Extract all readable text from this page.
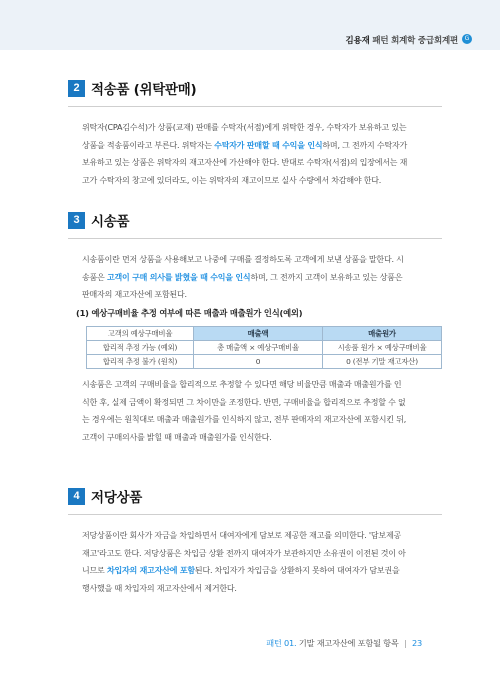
김용재 패턴 회계학 중급회계편	G
2 적송품 (위탁판매)
위탁자(CPA김수석)가 상품(교재) 판매를 수탁자(서점)에게 위탁한 경우, 수탁자가 보유하고 있는
상품을 적송품이라고 부른다. 위탁자는 수탁자가 판매할 때 수익을 인식하며, 그 전까지 수탁자가
보유하고 있는 상품은 위탁자의 재고자산에 가산해야 한다. 반대로 수탁자(서점)의 입장에서는 재
고가 수탁자의 창고에 있더라도, 이는 위탁자의 재고이므로 실사 수량에서 차감해야 한다.
3 시송품
시송품이란 먼저 상품을 사용해보고 나중에 구매를 결정하도록 고객에게 보낸 상품을 말한다. 시
송품은 고객이 구매 의사를 밝혔을 때 수익을 인식하며, 그 전까지 고객이 보유하고 있는 상품은
판매자의 재고자산에 포함된다.
(1) 예상구매비율 추정 여부에 따른 매출과 매출원가 인식(예외)
고객의 예상구매비율	매출액	매출원가
합리적 추정 가능 (예외)	총 매출액 × 예상구매비율	시송품 원가 × 예상구매비율
합리적 추정 불가 (원칙)	0	0 (전부 기말 재고자산)
시송품은 고객의 구매비율을 합리적으로 추정할 수 있다면 해당 비율만큼 매출과 매출원가를 인
식한 후, 실제 금액이 확정되면 그 차이만을 조정한다. 반면, 구매비율을 합리적으로 추정할 수 없
는 경우에는 원칙대로 매출과 매출원가를 인식하지 않고, 전부 판매자의 재고자산에 포함시킨 뒤,
고객이 구매의사를 밝힐 때 매출과 매출원가를 인식한다.
4 저당상품
저당상품이란 회사가 자금을 차입하면서 대여자에게 담보로 제공한 재고를 의미한다. '담보제공
재고'라고도 한다. 저당상품은 차입금 상환 전까지 대여자가 보관하지만 소유권이 이전된 것이 아
니므로 차입자의 재고자산에 포함된다. 차입자가 차입금을 상환하지 못하여 대여자가 담보권을
행사했을 때 차입자의 재고자산에서 제거한다.
패턴 01. 기말 재고자산에 포함될 항목 | 23
